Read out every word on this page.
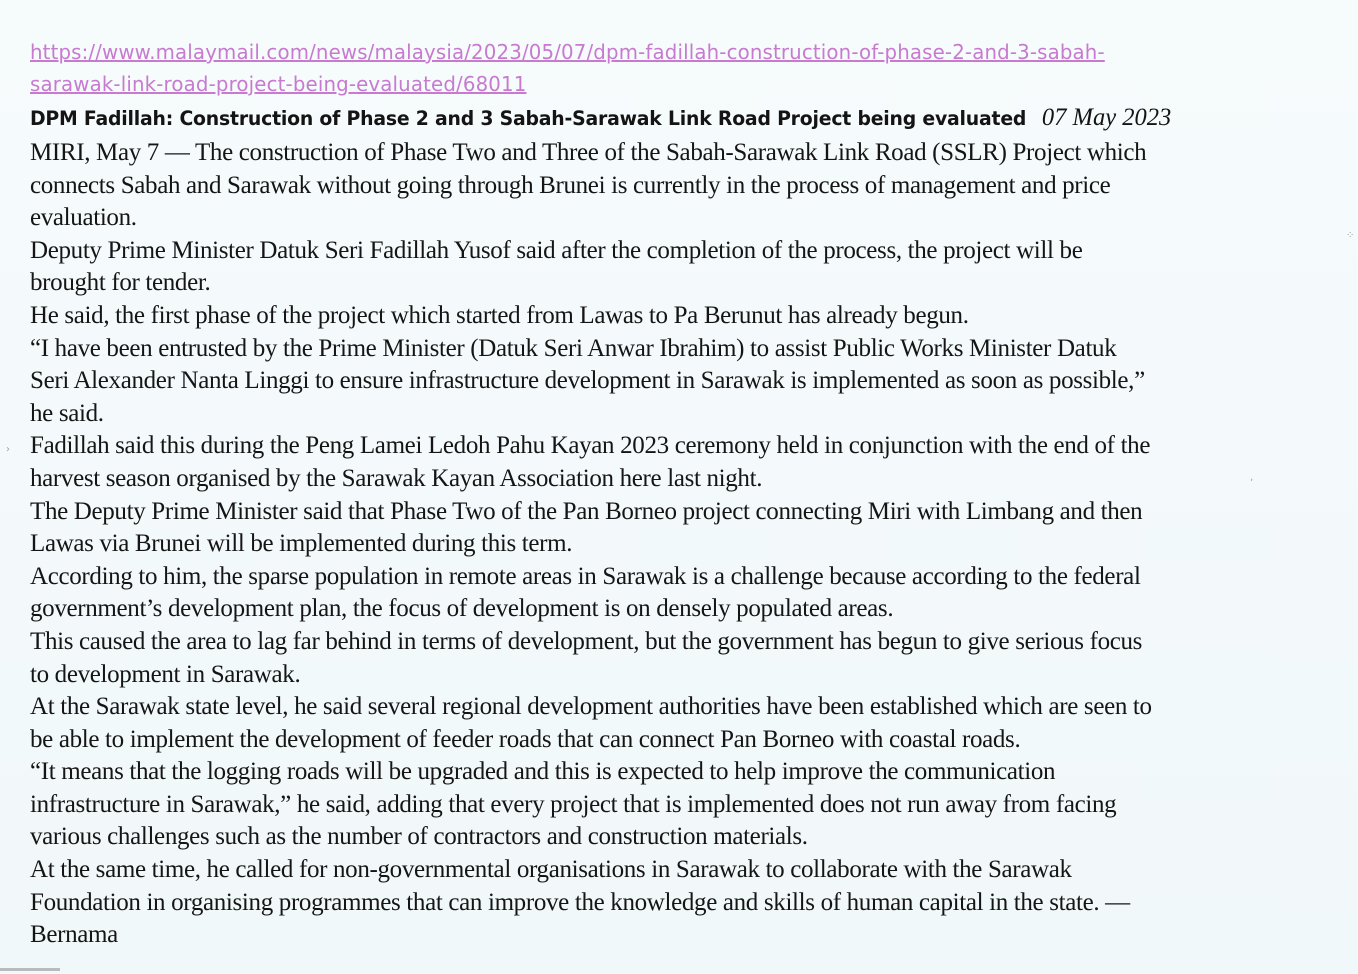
https://www.malaymail.com/news/malaysia/2023/05/07/dpm-fadillah-construction-of-phase-2-and-3-sabah-
sarawak-link-road-project-being-evaluated/68011
DPM Fadillah: Construction of Phase 2 and 3 Sabah-Sarawak Link Road Project being evaluated 07 May 2023
MIRI, May 7 — The construction of Phase Two and Three of the Sabah-Sarawak Link Road (SSLR) Project which
connects Sabah and Sarawak without going through Brunei is currently in the process of management and price
evaluation.
Deputy Prime Minister Datuk Seri Fadillah Yusof said after the completion of the process, the project will be
brought for tender.
He said, the first phase of the project which started from Lawas to Pa Berunut has already begun.
“I have been entrusted by the Prime Minister (Datuk Seri Anwar Ibrahim) to assist Public Works Minister Datuk
Seri Alexander Nanta Linggi to ensure infrastructure development in Sarawak is implemented as soon as possible,”
he said.
Fadillah said this during the Peng Lamei Ledoh Pahu Kayan 2023 ceremony held in conjunction with the end of the
harvest season organised by the Sarawak Kayan Association here last night.
The Deputy Prime Minister said that Phase Two of the Pan Borneo project connecting Miri with Limbang and then
Lawas via Brunei will be implemented during this term.
According to him, the sparse population in remote areas in Sarawak is a challenge because according to the federal
government’s development plan, the focus of development is on densely populated areas.
This caused the area to lag far behind in terms of development, but the government has begun to give serious focus
to development in Sarawak.
At the Sarawak state level, he said several regional development authorities have been established which are seen to
be able to implement the development of feeder roads that can connect Pan Borneo with coastal roads.
“It means that the logging roads will be upgraded and this is expected to help improve the communication
infrastructure in Sarawak,” he said, adding that every project that is implemented does not run away from facing
various challenges such as the number of contractors and construction materials.
At the same time, he called for non-governmental organisations in Sarawak to collaborate with the Sarawak
Foundation in organising programmes that can improve the knowledge and skills of human capital in the state. —
Bernama
⁘
›
ʼ
